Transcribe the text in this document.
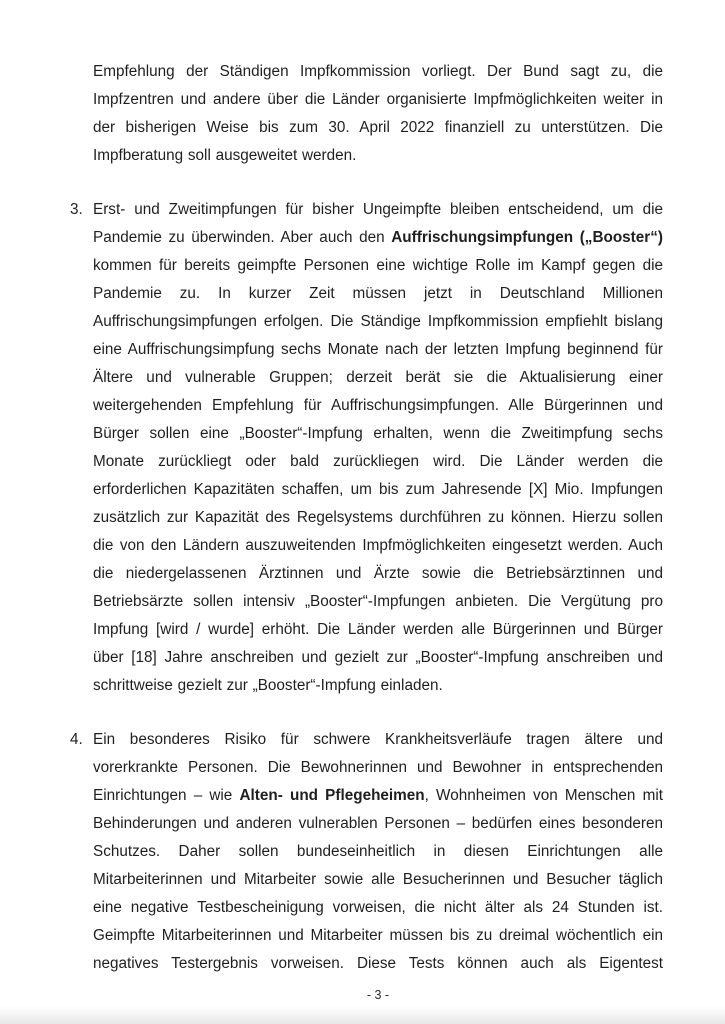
Empfehlung der Ständigen Impfkommission vorliegt. Der Bund sagt zu, die Impfzentren und andere über die Länder organisierte Impfmöglichkeiten weiter in der bisherigen Weise bis zum 30. April 2022 finanziell zu unterstützen. Die Impfberatung soll ausgeweitet werden.

3. Erst- und Zweitimpfungen für bisher Ungeimpfte bleiben entscheidend, um die Pandemie zu überwinden. Aber auch den Auffrischungsimpfungen („Booster“) kommen für bereits geimpfte Personen eine wichtige Rolle im Kampf gegen die Pandemie zu. In kurzer Zeit müssen jetzt in Deutschland Millionen Auffrischungsimpfungen erfolgen. Die Ständige Impfkommission empfiehlt bislang eine Auffrischungsimpfung sechs Monate nach der letzten Impfung beginnend für Ältere und vulnerable Gruppen; derzeit berät sie die Aktualisierung einer weitergehenden Empfehlung für Auffrischungsimpfungen. Alle Bürgerinnen und Bürger sollen eine „Booster“-Impfung erhalten, wenn die Zweitimpfung sechs Monate zurückliegt oder bald zurückliegen wird. Die Länder werden die erforderlichen Kapazitäten schaffen, um bis zum Jahresende [X] Mio. Impfungen zusätzlich zur Kapazität des Regelsystems durchführen zu können. Hierzu sollen die von den Ländern auszuweitenden Impfmöglichkeiten eingesetzt werden. Auch die niedergelassenen Ärztinnen und Ärzte sowie die Betriebsärztinnen und Betriebsärzte sollen intensiv „Booster“-Impfungen anbieten. Die Vergütung pro Impfung [wird / wurde] erhöht. Die Länder werden alle Bürgerinnen und Bürger über [18] Jahre anschreiben und gezielt zur „Booster“-Impfung anschreiben und schrittweise gezielt zur „Booster“-Impfung einladen.

4. Ein besonderes Risiko für schwere Krankheitsverläufe tragen ältere und vorerkrankte Personen. Die Bewohnerinnen und Bewohner in entsprechenden Einrichtungen – wie Alten- und Pflegeheimen, Wohnheimen von Menschen mit Behinderungen und anderen vulnerablen Personen – bedürfen eines besonderen Schutzes. Daher sollen bundeseinheitlich in diesen Einrichtungen alle Mitarbeiterinnen und Mitarbeiter sowie alle Besucherinnen und Besucher täglich eine negative Testbescheinigung vorweisen, die nicht älter als 24 Stunden ist. Geimpfte Mitarbeiterinnen und Mitarbeiter müssen bis zu dreimal wöchentlich ein negatives Testergebnis vorweisen. Diese Tests können auch als Eigentest

- 3 -
